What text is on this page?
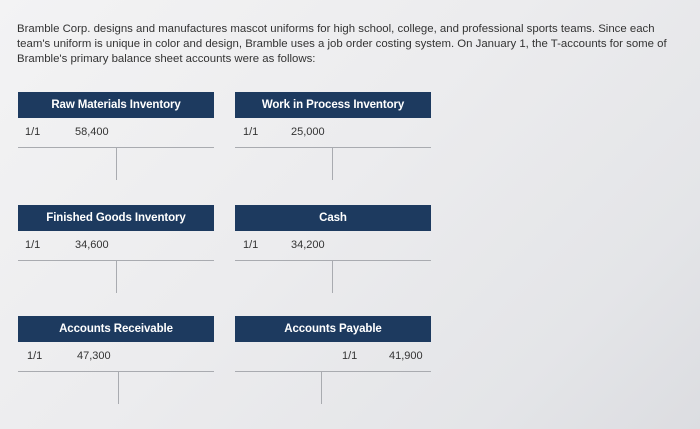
Bramble Corp. designs and manufactures mascot uniforms for high school, college, and professional sports teams. Since each team's uniform is unique in color and design, Bramble uses a job order costing system. On January 1, the T-accounts for some of Bramble's primary balance sheet accounts were as follows:

Raw Materials Inventory
1/1	58,400
Work in Process Inventory
1/1	25,000
Finished Goods Inventory
1/1	34,600
Cash
1/1	34,200
Accounts Receivable
1/1	47,300
Accounts Payable
1/1	41,900
